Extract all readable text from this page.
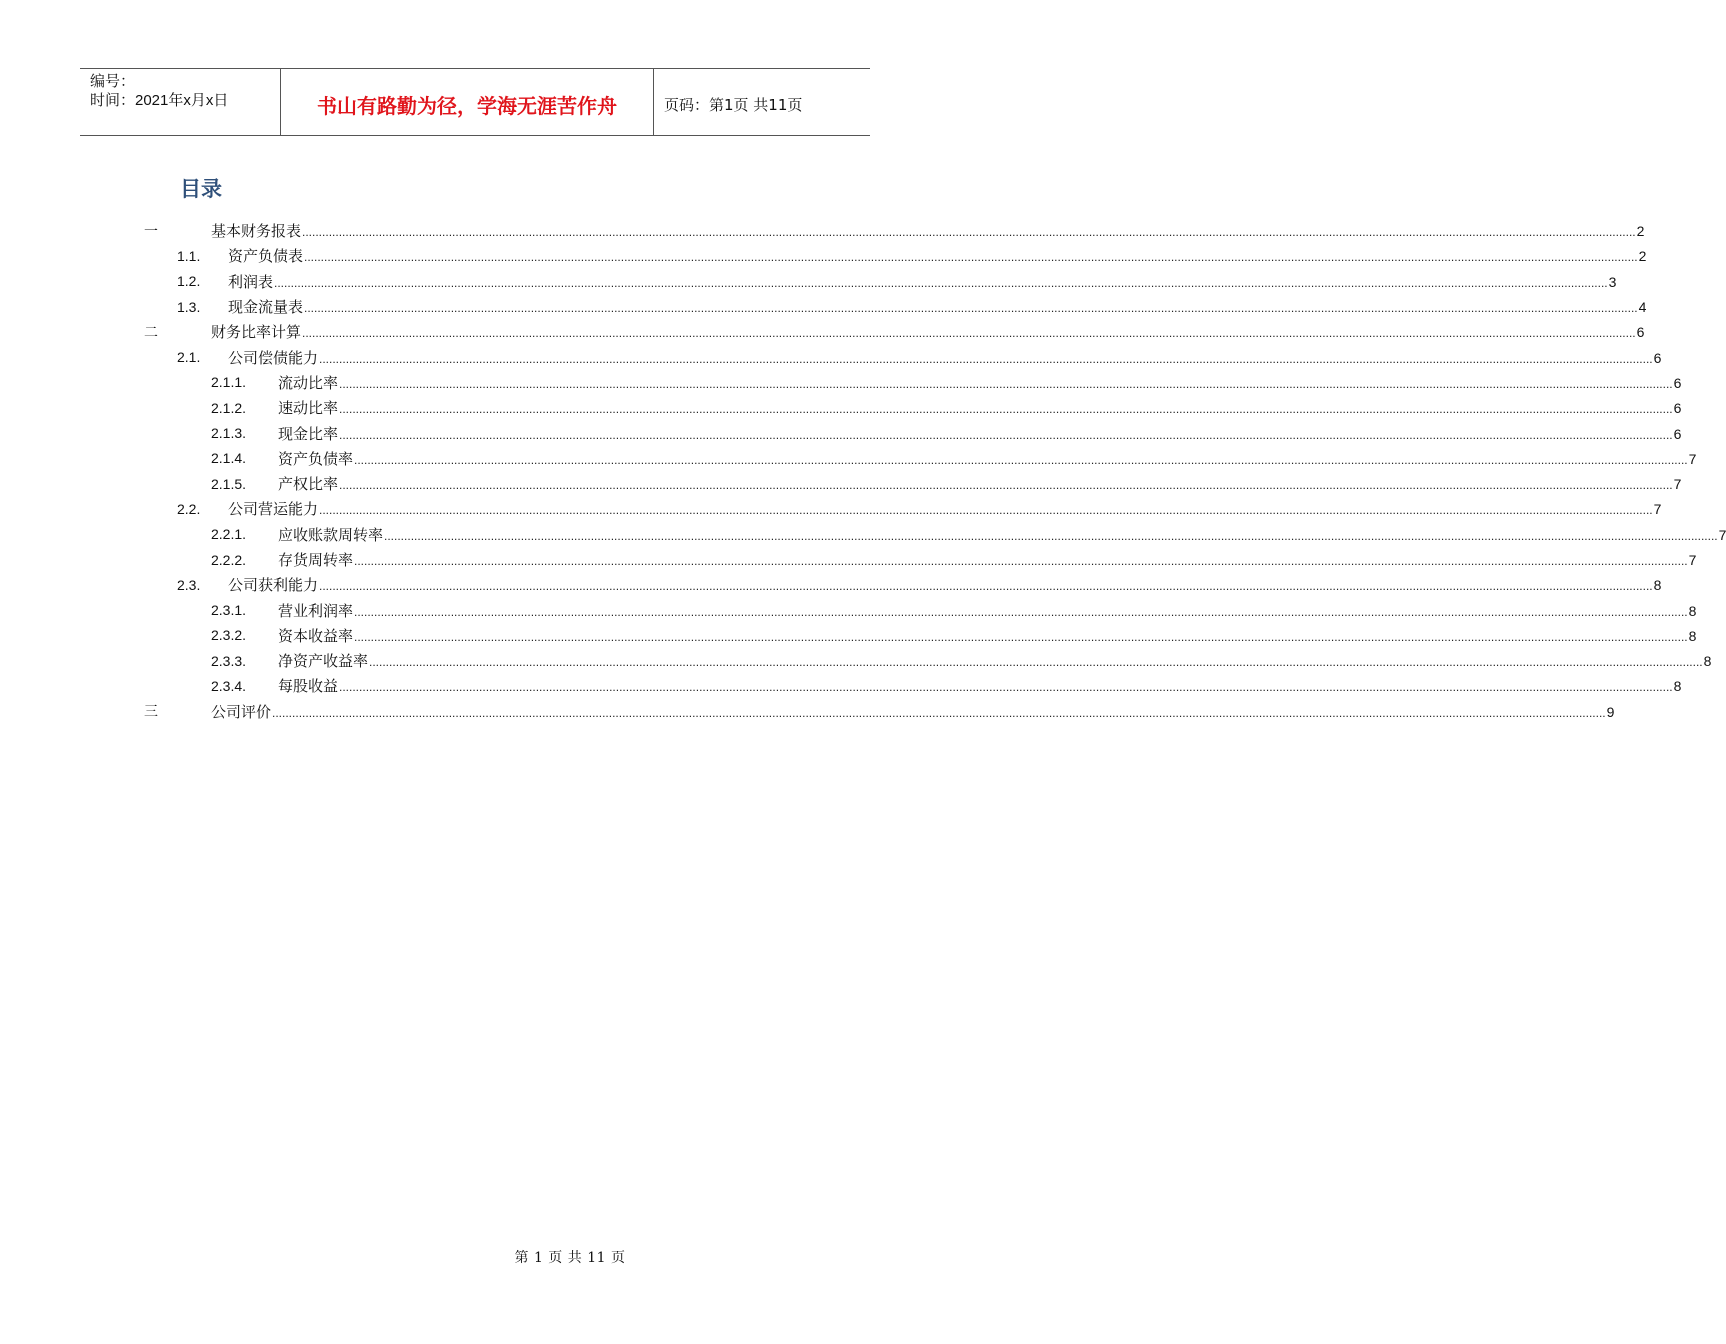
编号：
时间：2021年x月x日	书山有路勤为径，学海无涯苦作舟	页码：第1页 共11页
目录
一	基本财务报表 ................................................................................................................................................................................................................................................................................................................................................................................................................ 2
1.1. 资产负债表 ................................................................................................................................................................................................................................................................................................................................................................................................................ 2
1.2. 利润表 ................................................................................................................................................................................................................................................................................................................................................................................................................ 3
1.3. 现金流量表 ................................................................................................................................................................................................................................................................................................................................................................................................................ 4
二	财务比率计算 ................................................................................................................................................................................................................................................................................................................................................................................................................ 6
2.1. 公司偿债能力 ................................................................................................................................................................................................................................................................................................................................................................................................................ 6
2.1.1. 流动比率 ................................................................................................................................................................................................................................................................................................................................................................................................................ 6
2.1.2. 速动比率 ................................................................................................................................................................................................................................................................................................................................................................................................................ 6
2.1.3. 现金比率 ................................................................................................................................................................................................................................................................................................................................................................................................................ 6
2.1.4. 资产负债率 ................................................................................................................................................................................................................................................................................................................................................................................................................ 7
2.1.5. 产权比率 ................................................................................................................................................................................................................................................................................................................................................................................................................ 7
2.2. 公司营运能力 ................................................................................................................................................................................................................................................................................................................................................................................................................ 7
2.2.1. 应收账款周转率 ................................................................................................................................................................................................................................................................................................................................................................................................................ 7
2.2.2. 存货周转率 ................................................................................................................................................................................................................................................................................................................................................................................................................ 7
2.3. 公司获利能力 ................................................................................................................................................................................................................................................................................................................................................................................................................ 8
2.3.1. 营业利润率 ................................................................................................................................................................................................................................................................................................................................................................................................................ 8
2.3.2. 资本收益率 ................................................................................................................................................................................................................................................................................................................................................................................................................ 8
2.3.3. 净资产收益率 ................................................................................................................................................................................................................................................................................................................................................................................................................ 8
2.3.4. 每股收益 ................................................................................................................................................................................................................................................................................................................................................................................................................ 8
三	公司评价 ................................................................................................................................................................................................................................................................................................................................................................................................................ 9
第 1 页 共 11 页
